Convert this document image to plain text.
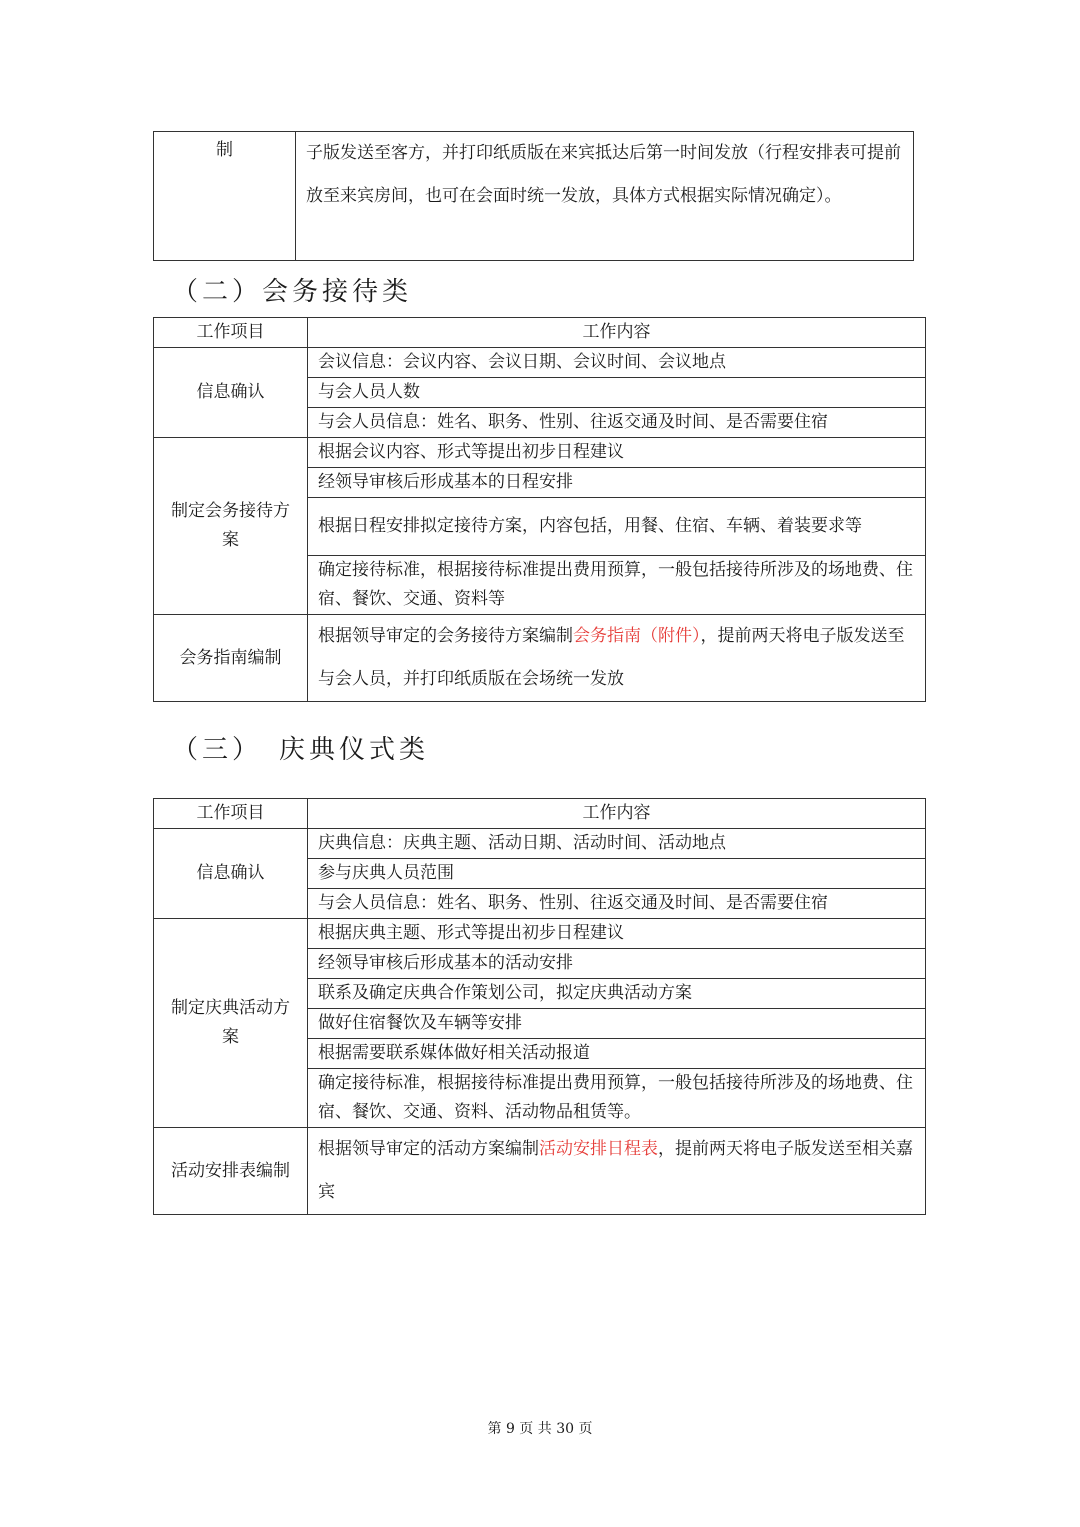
制	子版发送至客方，并打印纸质版在来宾抵达后第一时间发放（行程安排表可提前放至来宾房间，也可在会面时统一发放，具体方式根据实际情况确定）。
（二）会务接待类
工作项目	工作内容
信息确认	会议信息：会议内容、会议日期、会议时间、会议地点
	与会人员人数
	与会人员信息：姓名、职务、性别、往返交通及时间、是否需要住宿
制定会务接待方案	根据会议内容、形式等提出初步日程建议
	经领导审核后形成基本的日程安排
	根据日程安排拟定接待方案，内容包括，用餐、住宿、车辆、着装要求等
	确定接待标准，根据接待标准提出费用预算，一般包括接待所涉及的场地费、住宿、餐饮、交通、资料等
会务指南编制	根据领导审定的会务接待方案编制会务指南（附件），提前两天将电子版发送至与会人员，并打印纸质版在会场统一发放
（三）　庆典仪式类
工作项目	工作内容
信息确认	庆典信息：庆典主题、活动日期、活动时间、活动地点
	参与庆典人员范围
	与会人员信息：姓名、职务、性别、往返交通及时间、是否需要住宿
制定庆典活动方案	根据庆典主题、形式等提出初步日程建议
	经领导审核后形成基本的活动安排
	联系及确定庆典合作策划公司，拟定庆典活动方案
	做好住宿餐饮及车辆等安排
	根据需要联系媒体做好相关活动报道
	确定接待标准，根据接待标准提出费用预算，一般包括接待所涉及的场地费、住宿、餐饮、交通、资料、活动物品租赁等。
活动安排表编制	根据领导审定的活动方案编制活动安排日程表，提前两天将电子版发送至相关嘉宾
第 9 页 共 30 页
